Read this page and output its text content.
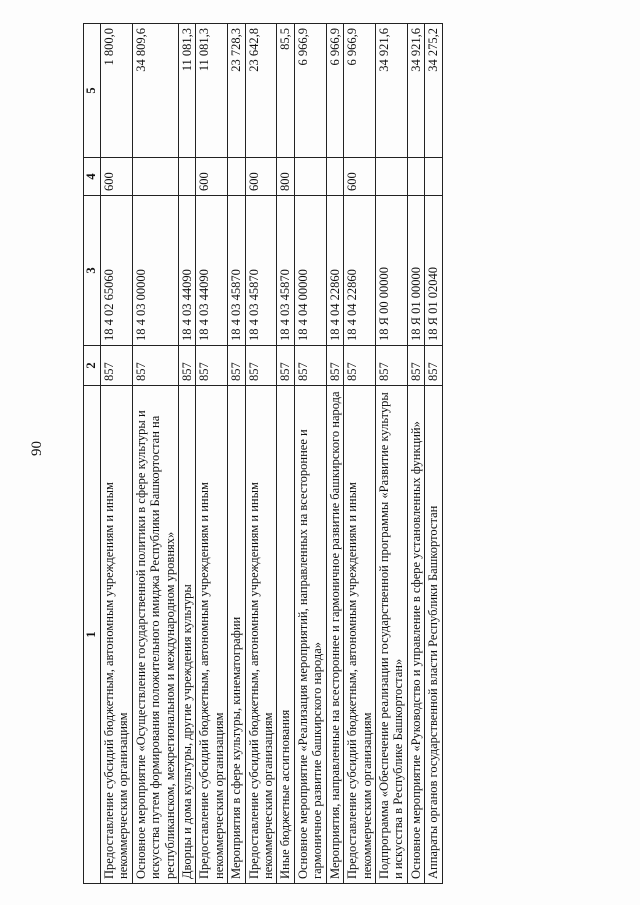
90
1	2	3	4	5
Предоставление субсидий бюджетным, автономным учреждениям и иным некоммерческим организациям	857	18 4 02 65060	600	1 800,0
Основное мероприятие «Осуществление государственной политики в сфере культуры и искусства путем формирования положительного имиджа Республики Башкортостан на республиканском, межрегиональном и международном уровнях»	857	18 4 03 00000		34 809,6
Дворцы и дома культуры, другие учреждения культуры	857	18 4 03 44090		11 081,3
Предоставление субсидий бюджетным, автономным учреждениям и иным некоммерческим организациям	857	18 4 03 44090	600	11 081,3
Мероприятия в сфере культуры, кинематографии	857	18 4 03 45870		23 728,3
Предоставление субсидий бюджетным, автономным учреждениям и иным некоммерческим организациям	857	18 4 03 45870	600	23 642,8
Иные бюджетные ассигнования	857	18 4 03 45870	800	85,5
Основное мероприятие «Реализация мероприятий, направленных на всестороннее и гармоничное развитие башкирского народа»	857	18 4 04 00000		6 966,9
Мероприятия, направленные на всестороннее и гармоничное развитие башкирского народа	857	18 4 04 22860		6 966,9
Предоставление субсидий бюджетным, автономным учреждениям и иным некоммерческим организациям	857	18 4 04 22860	600	6 966,9
Подпрограмма «Обеспечение реализации государственной программы «Развитие культуры и искусства в Республике Башкортостан»	857	18 Я 00 00000		34 921,6
Основное мероприятие «Руководство и управление в сфере установленных функций»	857	18 Я 01 00000		34 921,6
Аппараты органов государственной власти Республики Башкортостан	857	18 Я 01 02040		34 275,2
